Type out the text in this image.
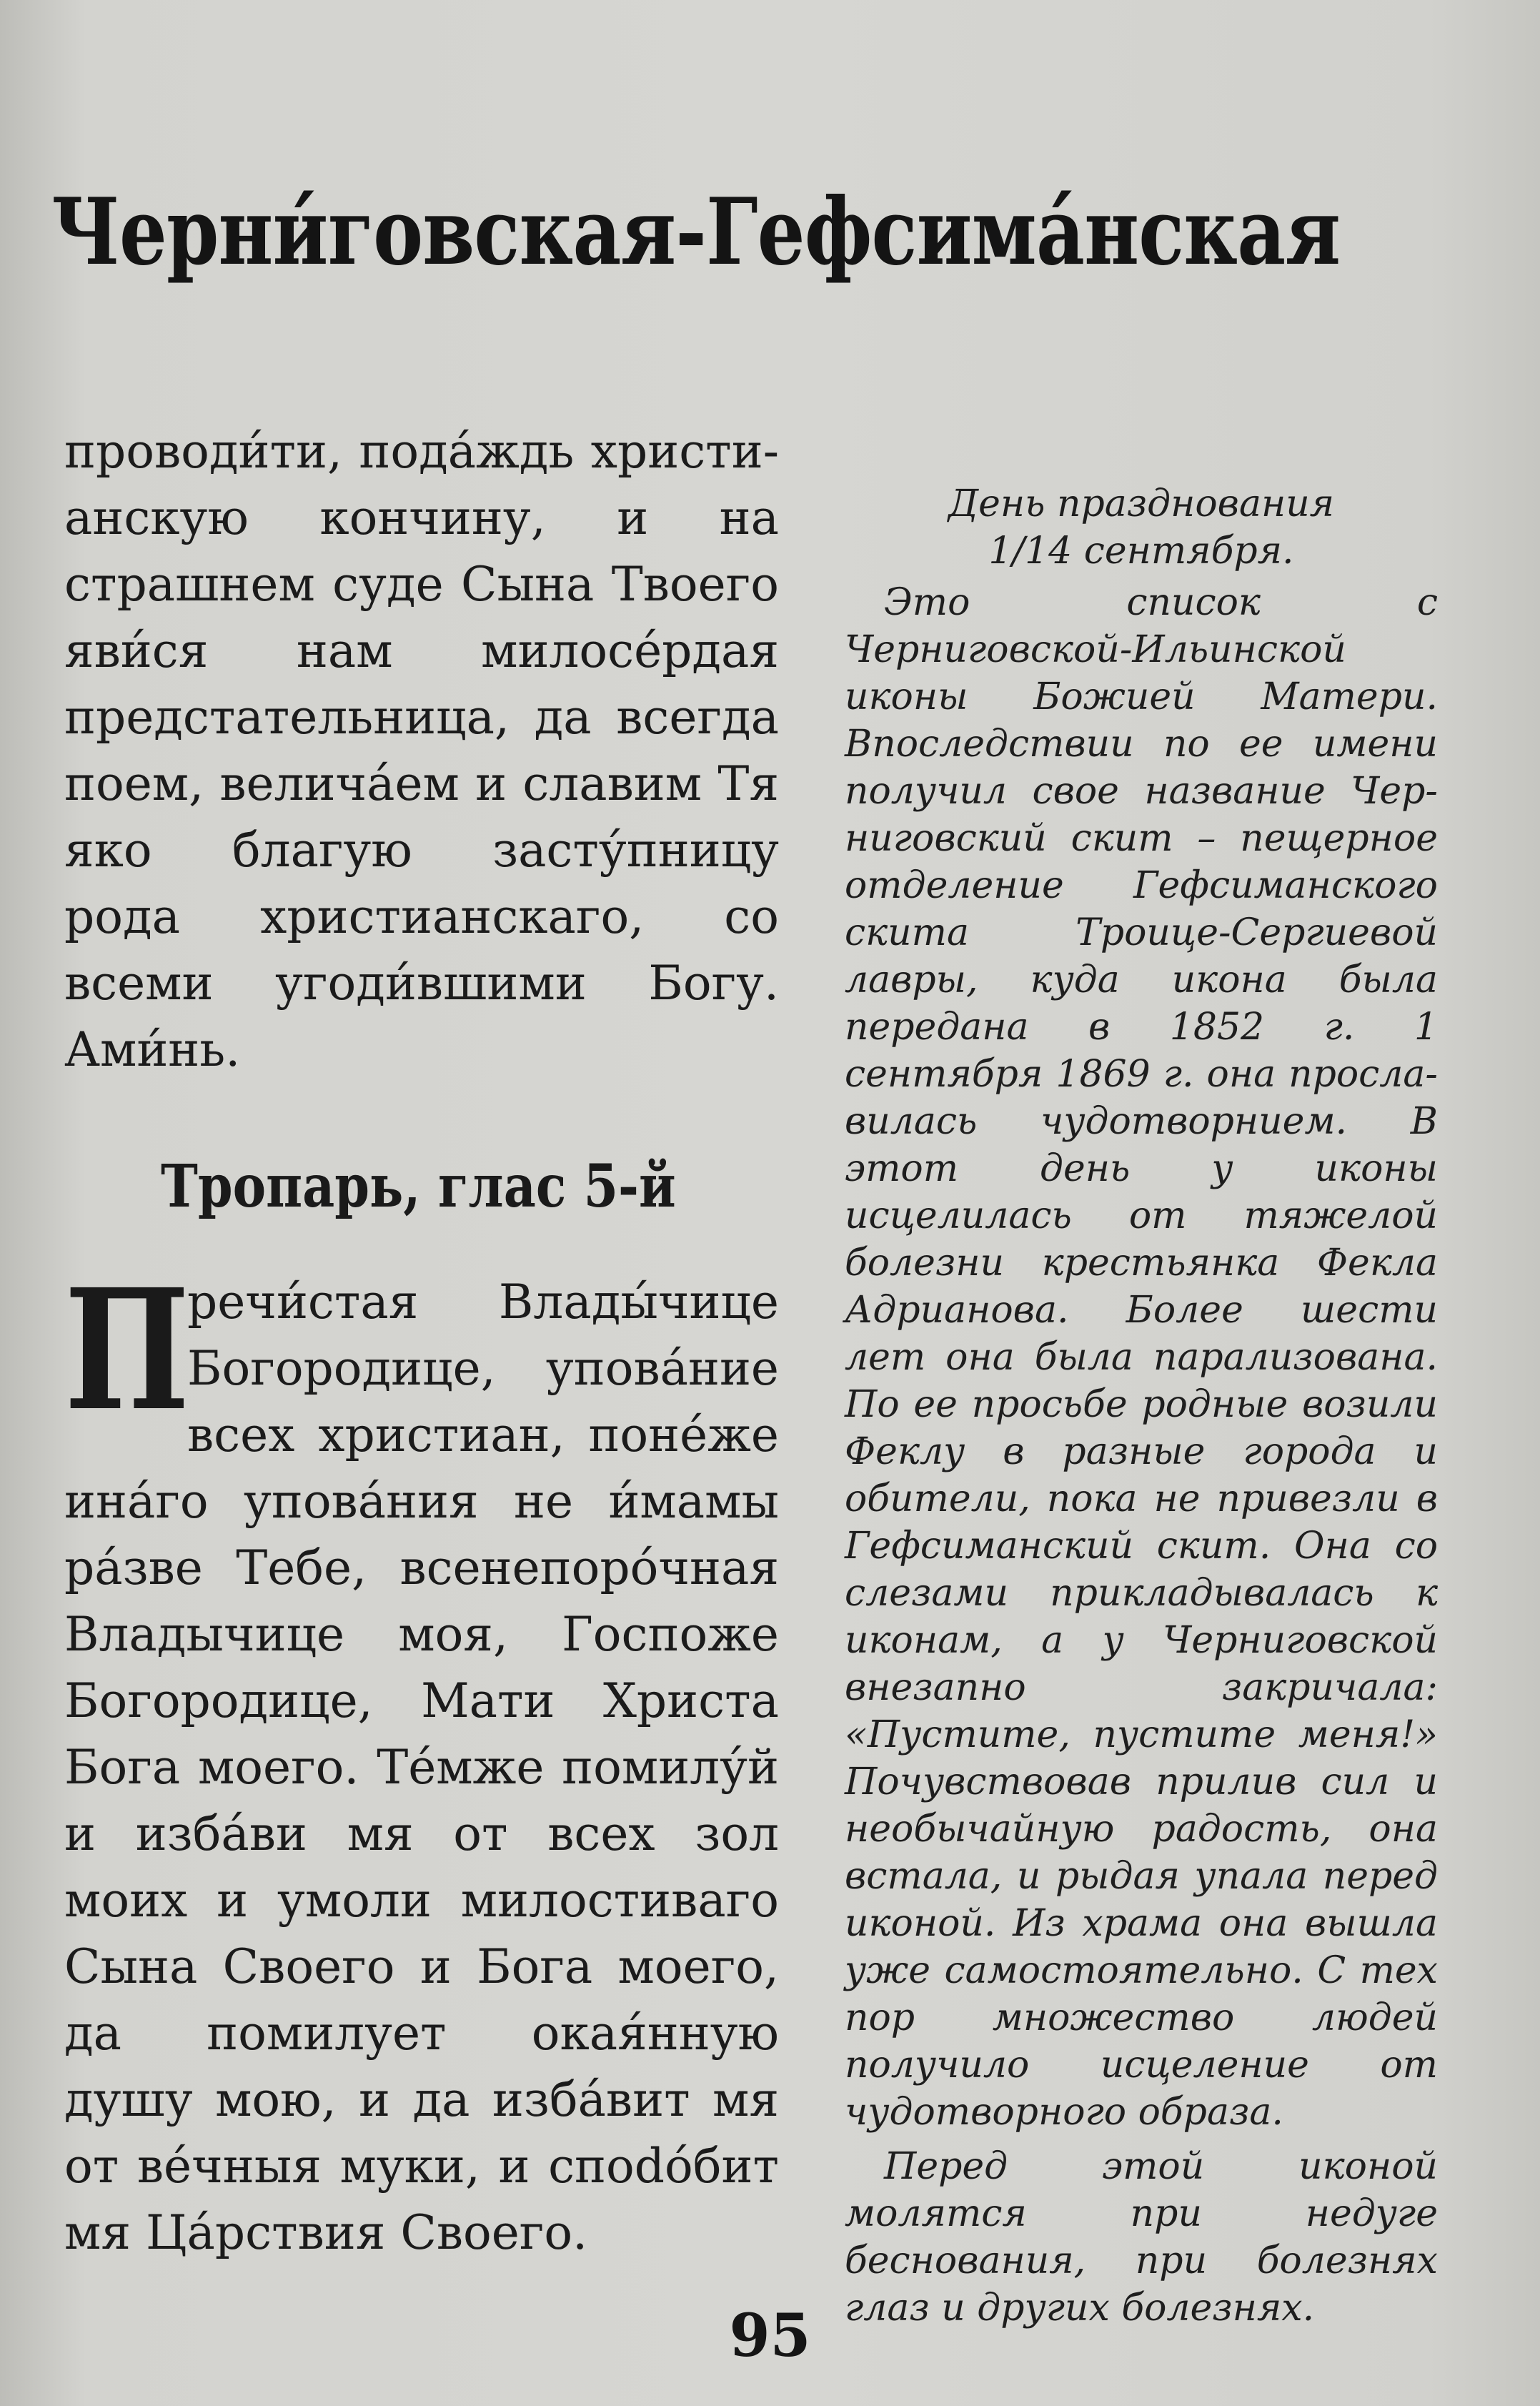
Черни́говская-Гефсима́нская

проводи́ти, пода́ждь христианскую кончину, и на страшнем суде Сына Твоего яви́ся нам милосе́рдая предстательница, да всегда поем, велича́ем и славим Тя яко благую засту́пницу рода христианскаго, со всеми угоди́вшими Богу. Ами́нь.

Тропарь, глас 5-й
П
речи́стая Влады́чице Богородице, упова́ние всех христиан, поне́же ина́го упова́ния не и́мамы ра́зве Тебе, всенепоро́чная Владычице моя, Госпоже Богородице, Мати Христа Бога моего. Те́мже помилу́й и изба́ви мя от всех зол моих и умоли милостиваго Сына Своего и Бога моего, да помилует окая́нную душу мою, и да изба́вит мя от ве́чныя муки, и спodо́бит мя Ца́рствия Своего.

День празднования

1/14 сентября.

Это список с Черниговской-Ильинской иконы Божией Матери. Впоследствии по ее имени получил свое название Черниговский скит – пещерное отделение Гефсиманского скита Троице-Сергиевой лавры, куда икона была передана в 1852 г. 1 сентября 1869 г. она прославилась чудотворнием. В этот день у иконы исцелилась от тяжелой болезни крестьянка Фекла Адрианова. Более шести лет она была парализована. По ее просьбе родные возили Феклу в разные города и обители, пока не привезли в Гефсиманский скит. Она со слезами прикладывалась к иконам, а у Черниговской внезапно закричала: «Пустите, пустите меня!» Почувствовав прилив сил и необычайную радость, она встала, и рыдая упала перед иконой. Из храма она вышла уже самостоятельно. С тех пор множество людей получило исцеление от чудотворного образа.

Перед этой иконой молятся при недуге беснования, при болезнях глаз и других болезнях.

95
